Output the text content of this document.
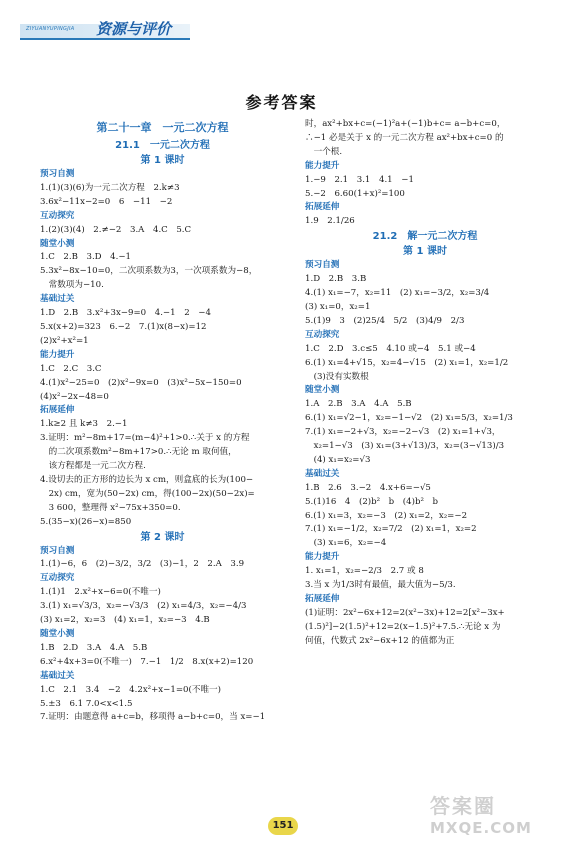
ZIYUANYUPINGJIA 资源与评价
参考答案
第二十一章　一元二次方程
21.1　一元二次方程
第 1 课时
预习自测
1.(1)(3)(6)为一元二次方程　2.k≠3
3.6x²−11x−2=0　6　−11　−2
互动探究
1.(2)(3)(4)　2.≠−2　3.A　4.C　5.C
随堂小测
1.C　2.B　3.D　4.−1
5.3x²−8x−10=0，二次项系数为3，一次项系数为−8，
　常数项为−10.
基础过关
1.D　2.B　3.x²+3x−9=0　4.−1　2　−4
5.x(x+2)=323　6.−2　7.(1)x(8−x)=12
(2)x²+x²=1
能力提升
1.C　2.C　3.C
4.(1)x²−25=0　(2)x²−9x=0　(3)x²−5x−150=0
(4)x²−2x−48=0
拓展延伸
1.k≥2 且 k≠3　2.−1
3.证明：m²−8m+17=(m−4)²+1>0.∴关于 x 的方程
　的二次项系数m²−8m+17>0.∴无论 m 取何值，
　该方程都是一元二次方程.
4.设切去的正方形的边长为 x cm，则盒底的长为(100−
　2x) cm，宽为(50−2x) cm，得(100−2x)(50−2x)=
　3 600，整理得 x²−75x+350=0.
5.(35−x)(26−x)=850
第 2 课时
预习自测
1.(1)−6，6　(2)−3/2，3/2　(3)−1，2　2.A　3.9
互动探究
1.(1)1　2.x²+x−6=0(不唯一)
3.(1) x₁=√3/3，x₂=−√3/3　(2) x₁=4/3，x₂=−4/3
(3) x₁=2，x₂=3　(4) x₁=1，x₂=−3　4.B
随堂小测
1.B　2.D　3.A　4.A　5.B
6.x²+4x+3=0(不唯一)　7.−1　1/2　8.x(x+2)=120
基础过关
1.C　2.1　3.4　−2　4.2x²+x−1=0(不唯一)
5.±3　6.1 7.0<x<1.5
7.证明：由题意得 a+c=b，移项得 a−b+c=0，当 x=−1
时，ax²+bx+c=(−1)²a+(−1)b+c= a−b+c=0，
∴−1 必是关于 x 的一元二次方程 ax²+bx+c=0 的
　一个根.
能力提升
1.−9　2.1　3.1　4.1　−1
5.−2　6.60(1+x)²=100
拓展延伸
1.9　2.1/26
21.2　解一元二次方程
第 1 课时
预习自测
1.D　2.B　3.B
4.(1) x₁=−7，x₂=11　(2) x₁=−3/2，x₂=3/4
(3) x₁=0，x₂=1
5.(1)9　3　(2)25/4　5/2　(3)4/9　2/3
互动探究
1.C　2.D　3.c≤5　4.10 或−4　5.1 或−4
6.(1) x₁=4+√15，x₂=4−√15　(2) x₁=1，x₂=1/2
　(3)没有实数根
随堂小测
1.A　2.B　3.A　4.A　5.B
6.(1) x₁=√2−1，x₂=−1−√2　(2) x₁=5/3，x₂=1/3
7.(1) x₁=−2+√3，x₂=−2−√3　(2) x₁=1+√3，
　x₂=1−√3　(3) x₁=(3+√13)/3，x₂=(3−√13)/3
　(4) x₁=x₂=√3
基础过关
1.B　2.6　3.−2　4.x+6=−√5
5.(1)16　4　(2)b²　b　(4)b²　b
6.(1) x₁=3，x₂=−3　(2) x₁=2，x₂=−2
7.(1) x₁=−1/2，x₂=7/2　(2) x₁=1，x₂=2
　(3) x₁=6，x₂=−4
能力提升
1. x₁=1，x₂=−2/3　2.7 或 8
3.当 x 为1/3时有最值，最大值为−5/3.
拓展延伸
(1)证明：2x²−6x+12=2(x²−3x)+12=2[x²−3x+
(1.5)²]−2(1.5)²+12=2(x−1.5)²+7.5.∴无论 x 为
何值，代数式 2x²−6x+12 的值都为正
151
答案圈
MXQE.COM
